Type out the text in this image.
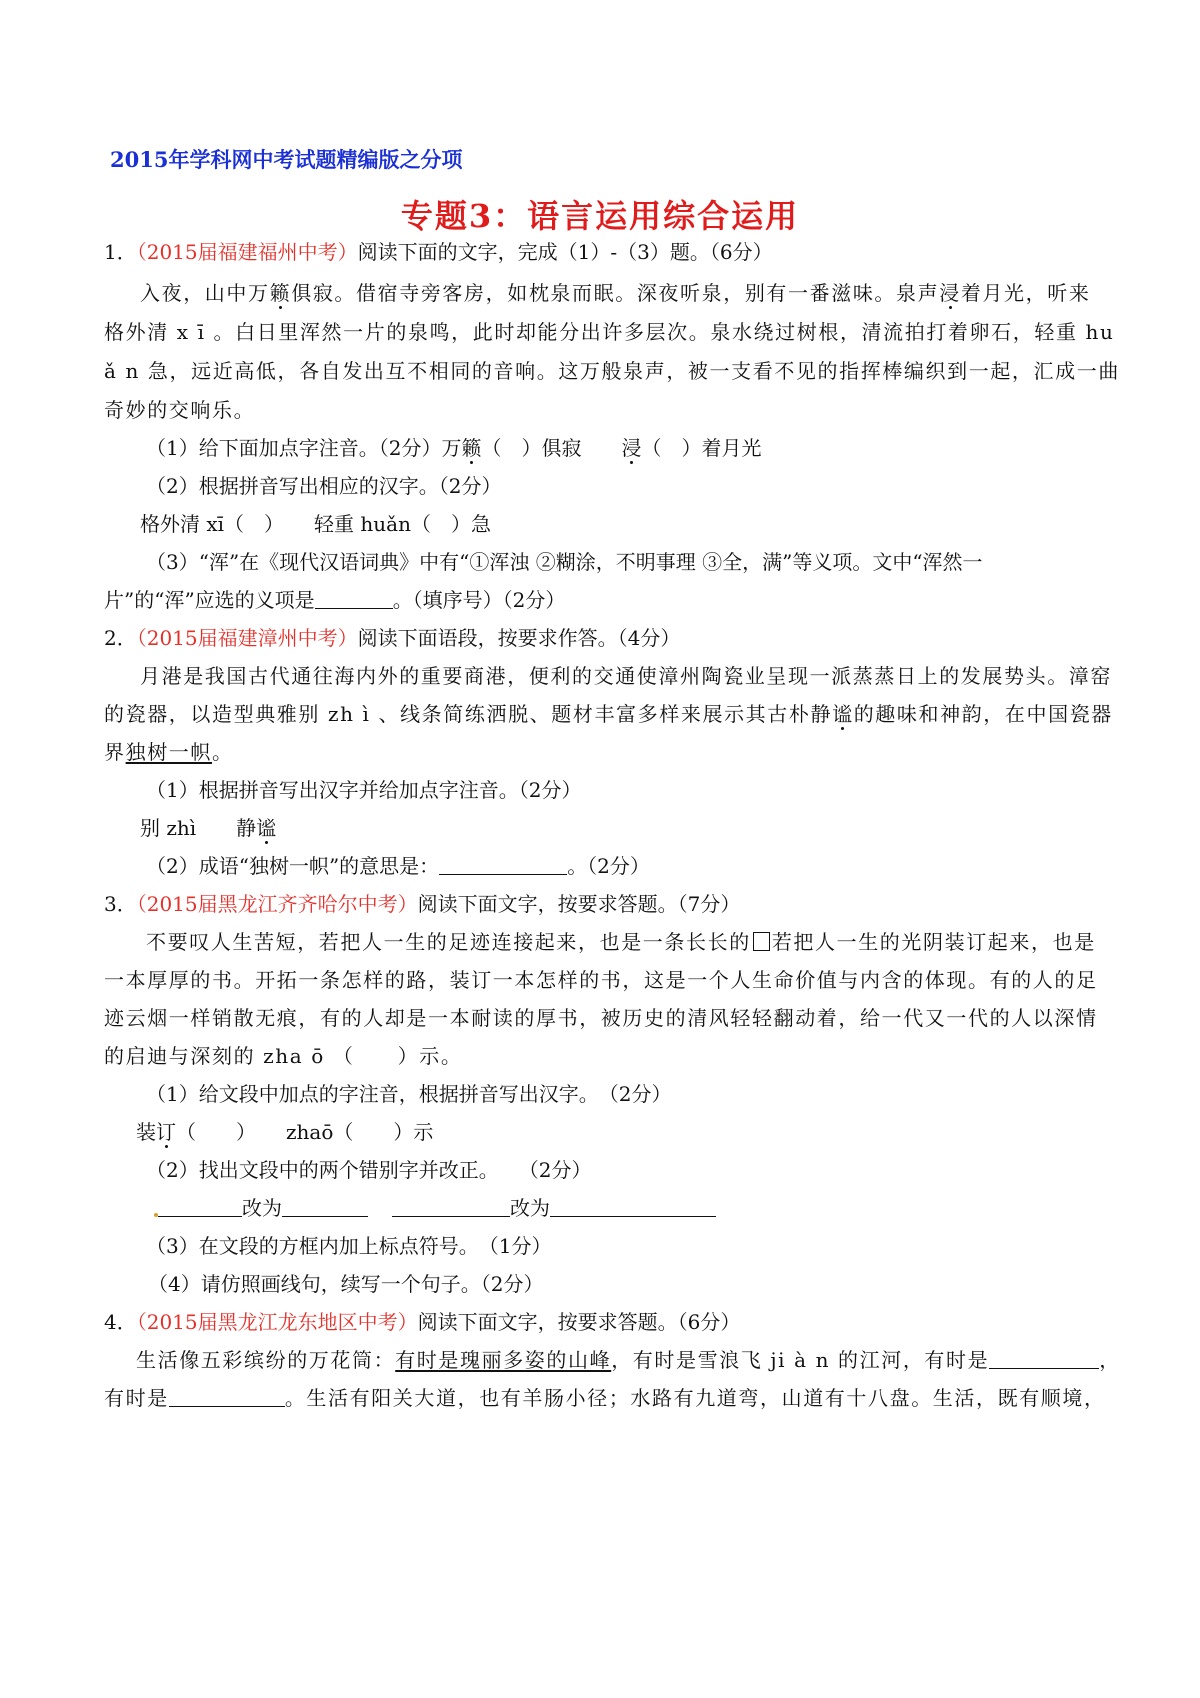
2015年学科网中考试题精编版之分项
专题3：语言运用综合运用
1．（2015届福建福州中考）阅读下面的文字，完成（1）-（3）题。（6分）
入夜，山中万籁俱寂。借宿寺旁客房，如枕泉而眠。深夜听泉，别有一番滋味。泉声浸着月光，听来
格外清 x ī 。白日里浑然一片的泉鸣，此时却能分出许多层次。泉水绕过树根，清流拍打着卵石，轻重 hu
ǎ n 急，远近高低，各自发出互不相同的音响。这万般泉声，被一支看不见的指挥棒编织到一起，汇成一曲
奇妙的交响乐。
（1）给下面加点字注音。（2分）万籁（　）俱寂　　浸（　）着月光
（2）根据拼音写出相应的汉字。（2分）
格外清 xī（　）　　轻重 huǎn（　）急
（3）“浑”在《现代汉语词典》中有“①浑浊 ②糊涂，不明事理 ③全，满”等义项。文中“浑然一
片”的“浑”应选的义项是	。（填序号）（2分）
2．（2015届福建漳州中考）阅读下面语段，按要求作答。（4分）
月港是我国古代通往海内外的重要商港，便利的交通使漳州陶瓷业呈现一派蒸蒸日上的发展势头。漳窑
的瓷器，以造型典雅别 zh ì 、线条简练洒脱、题材丰富多样来展示其古朴静谧的趣味和神韵，在中国瓷器
界独树一帜。
（1）根据拼音写出汉字并给加点字注音。（2分）
别 zhì　　静谧
（2）成语“独树一帜”的意思是：	。（2分）
3．（2015届黑龙江齐齐哈尔中考）阅读下面文字，按要求答题。（7分）
不要叹人生苦短，若把人一生的足迹连接起来，也是一条长长的 若把人一生的光阴装订起来，也是
一本厚厚的书。开拓一条怎样的路，装订一本怎样的书，这是一个人生命价值与内含的体现。有的人的足
迹云烟一样销散无痕，有的人却是一本耐读的厚书，被历史的清风轻轻翻动着，给一代又一代的人以深情
的启迪与深刻的 zha ō （　　）示。
（1）给文段中加点的字注音，根据拼音写出汉字。　（2分）
装订（　　）　　zhaō（　　）示
（2）找出文段中的两个错别字并改正。　　（2分）
改为	改为
（3）在文段的方框内加上标点符号。　（1分）
（4）请仿照画线句，续写一个句子。（2分）
4．（2015届黑龙江龙东地区中考）阅读下面文字，按要求答题。（6分）
生活像五彩缤纷的万花筒：有时是瑰丽多姿的山峰，有时是雪浪飞 ji à n 的江河，有时是	，
有时是	。生活有阳关大道，也有羊肠小径；水路有九道弯，山道有十八盘。生活，既有顺境，
